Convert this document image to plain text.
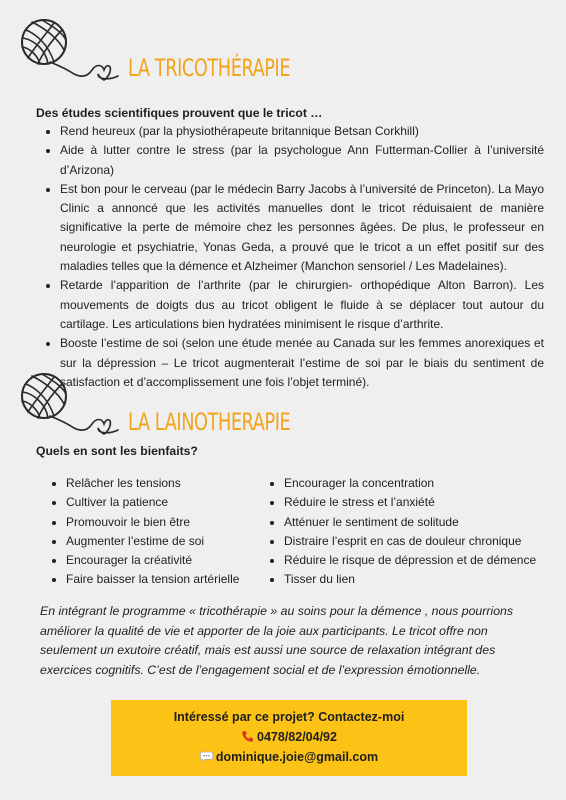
LA TRICOTHÉRAPIE
Des études scientifiques prouvent que le tricot …
• Rend heureux (par la physiothérapeute britannique Betsan Corkhill)
• Aide à lutter contre le stress (par la psychologue Ann Futterman-Collier à l’université d’Arizona)
• Est bon pour le cerveau (par le médecin Barry Jacobs à l’université de Princeton). La Mayo Clinic a annoncé que les activités manuelles dont le tricot réduisaient de manière significative la perte de mémoire chez les personnes âgées. De plus, le professeur en neurologie et psychiatrie, Yonas Geda, a prouvé que le tricot a un effet positif sur des maladies telles que la démence et Alzheimer (Manchon sensoriel / Les Madelaines).
• Retarde l’apparition de l’arthrite (par le chirurgien- orthopédique Alton Barron). Les mouvements de doigts dus au tricot obligent le fluide à se déplacer tout autour du cartilage. Les articulations bien hydratées minimisent le risque d’arthrite.
• Booste l’estime de soi (selon une étude menée au Canada sur les femmes anorexiques et sur la dépression – Le tricot augmenterait l’estime de soi par le biais du sentiment de satisfaction et d’accomplissement une fois l’objet terminé).
LA LAINOTHERAPIE
Quels en sont les bienfaits?
• Relâcher les tensions
• Cultiver la patience
• Promouvoir le bien être
• Augmenter l’estime de soi
• Encourager la créativité
• Faire baisser la tension artérielle
• Encourager la concentration
• Réduire le stress et l’anxiété
• Atténuer le sentiment de solitude
• Distraire l’esprit en cas de douleur chronique
• Réduire le risque de dépression et de démence
• Tisser du lien
En intégrant le programme « tricothérapie » au soins pour la démence , nous pourrions améliorer la qualité de vie et apporter de la joie aux participants. Le tricot offre non seulement un exutoire créatif, mais est aussi une source de relaxation intégrant des exercices cognitifs. C’est de l’engagement social et de l’expression émotionnelle.
Intéressé par ce projet? Contactez-moi
0478/82/04/92
dominique.joie@gmail.com
